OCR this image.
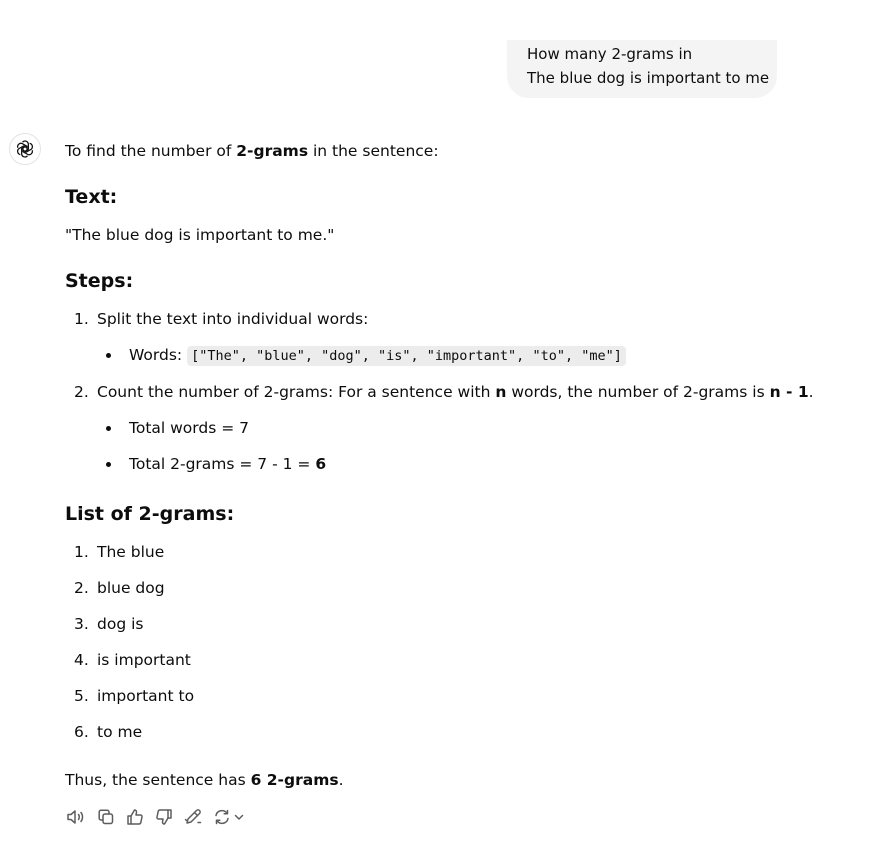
How many 2-grams in
The blue dog is important to me
To find the number of 2-grams in the sentence:
Text:
"The blue dog is important to me."
Steps:
1. Split the text into individual words:
Words: ["The", "blue", "dog", "is", "important", "to", "me"]
2. Count the number of 2-grams: For a sentence with n words, the number of 2-grams is n - 1.
Total words = 7
Total 2-grams = 7 - 1 = 6
List of 2-grams:
1. The blue
2. blue dog
3. dog is
4. is important
5. important to
6. to me
Thus, the sentence has 6 2-grams.
